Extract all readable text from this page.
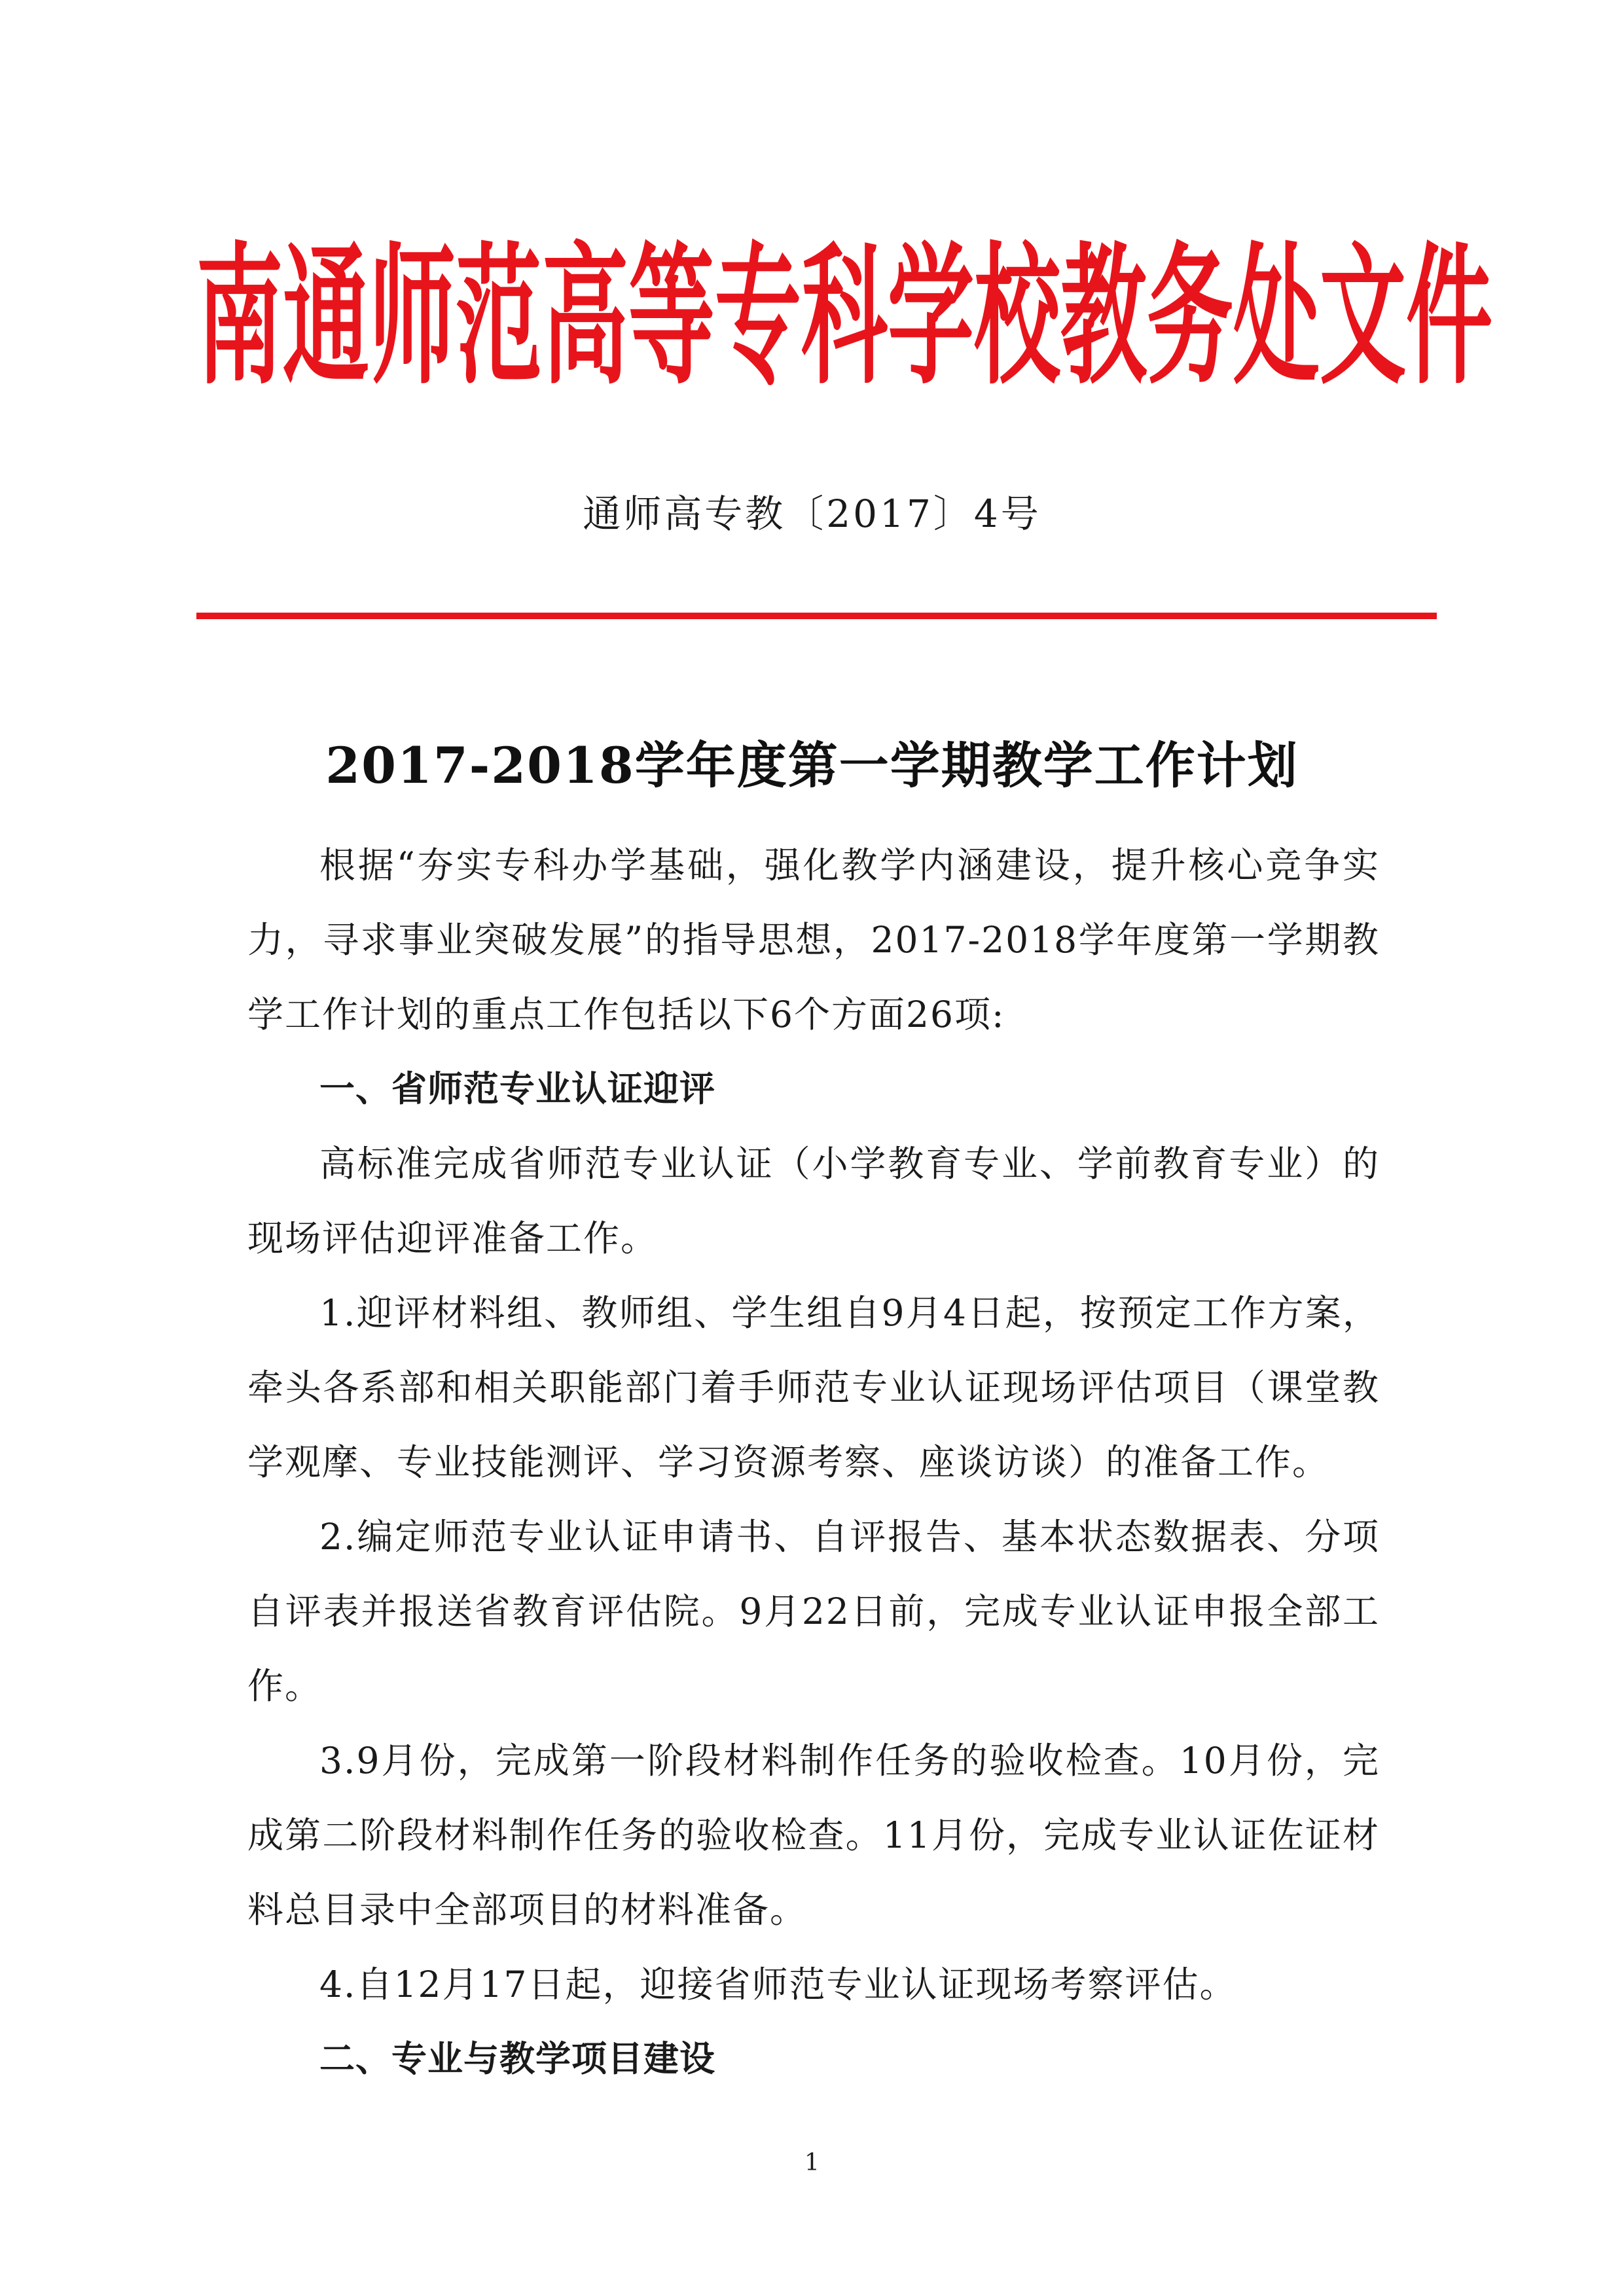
南通师范高等专科学校教务处文件
通师高专教〔2017〕4号
2017-2018学年度第一学期教学工作计划

根据“夯实专科办学基础，强化教学内涵建设，提升核心竞争实力，寻求事业突破发展”的指导思想，2017-2018学年度第一学期教学工作计划的重点工作包括以下6个方面26项:

一、省师范专业认证迎评

高标准完成省师范专业认证（小学教育专业、学前教育专业）的现场评估迎评准备工作。

1.迎评材料组、教师组、学生组自9月4日起，按预定工作方案，牵头各系部和相关职能部门着手师范专业认证现场评估项目（课堂教学观摩、专业技能测评、学习资源考察、座谈访谈）的准备工作。

2.编定师范专业认证申请书、自评报告、基本状态数据表、分项自评表并报送省教育评估院。9月22日前，完成专业认证申报全部工作。

3.9月份，完成第一阶段材料制作任务的验收检查。10月份，完成第二阶段材料制作任务的验收检查。11月份，完成专业认证佐证材料总目录中全部项目的材料准备。

4.自12月17日起，迎接省师范专业认证现场考察评估。

二、专业与教学项目建设

1
